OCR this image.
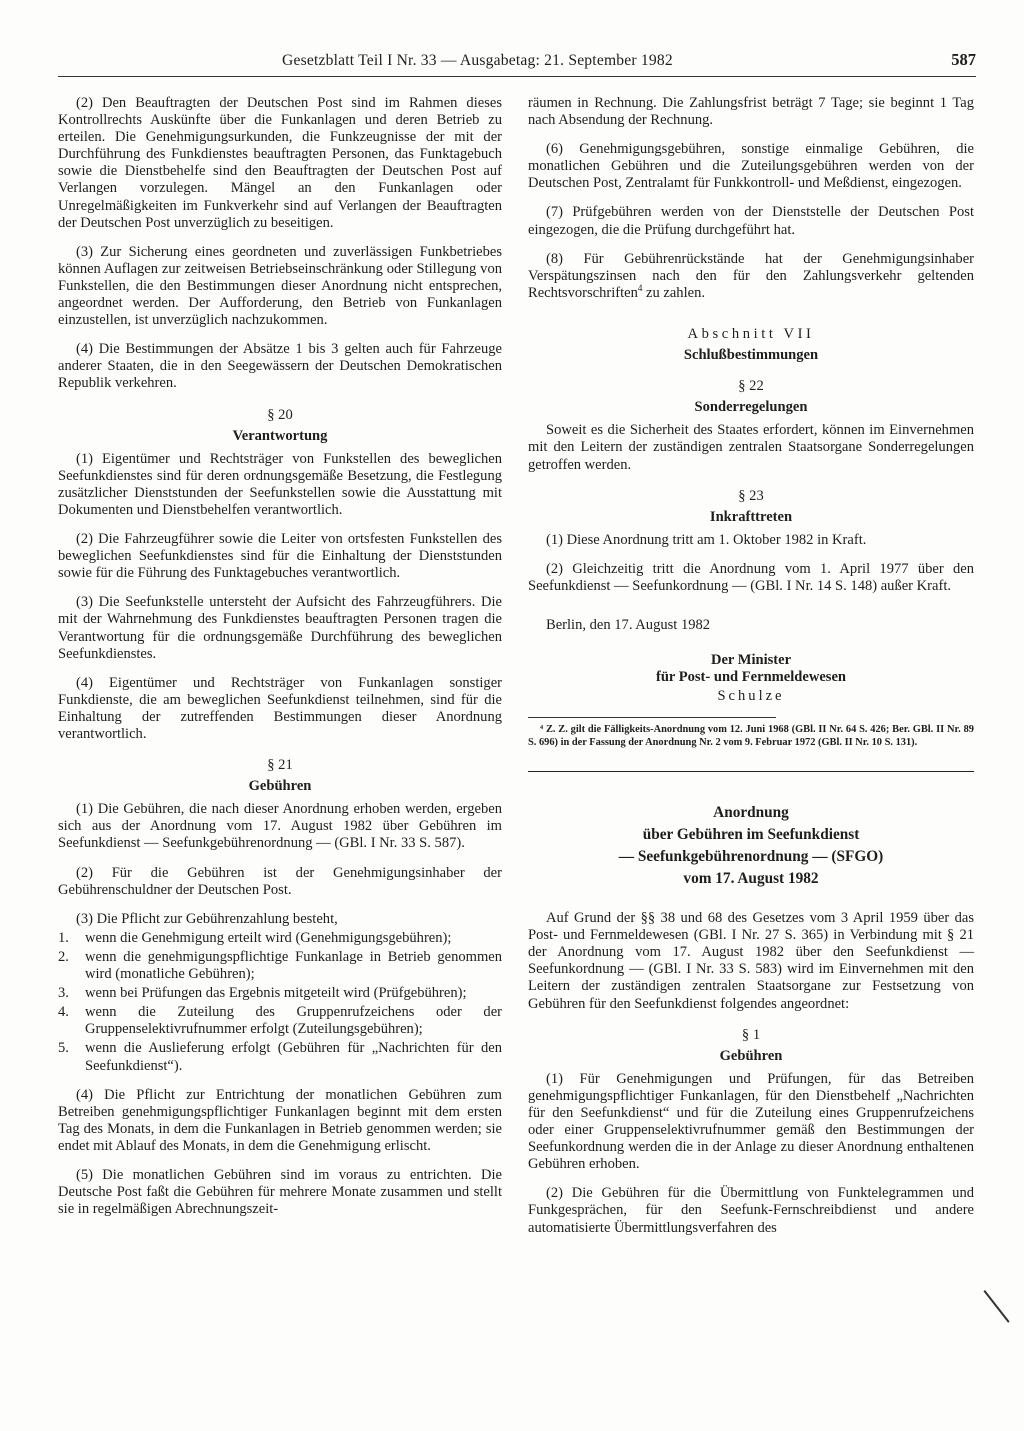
Gesetzblatt Teil I Nr. 33 — Ausgabetag: 21. September 1982	587

(2) Den Beauftragten der Deutschen Post sind im Rahmen dieses Kontrollrechts Auskünfte über die Funkanlagen und deren Betrieb zu erteilen. Die Genehmigungsurkunden, die Funkzeugnisse der mit der Durchführung des Funkdienstes beauftragten Personen, das Funktagebuch sowie die Dienstbehelfe sind den Beauftragten der Deutschen Post auf Verlangen vorzulegen. Mängel an den Funkanlagen oder Unregelmäßigkeiten im Funkverkehr sind auf Verlangen der Beauftragten der Deutschen Post unverzüglich zu beseitigen.

(3) Zur Sicherung eines geordneten und zuverlässigen Funkbetriebes können Auflagen zur zeitweisen Betriebseinschränkung oder Stillegung von Funkstellen, die den Bestimmungen dieser Anordnung nicht entsprechen, angeordnet werden. Der Aufforderung, den Betrieb von Funkanlagen einzustellen, ist unverzüglich nachzukommen.

(4) Die Bestimmungen der Absätze 1 bis 3 gelten auch für Fahrzeuge anderer Staaten, die in den Seegewässern der Deutschen Demokratischen Republik verkehren.

§ 20
Verantwortung

(1) Eigentümer und Rechtsträger von Funkstellen des beweglichen Seefunkdienstes sind für deren ordnungsgemäße Besetzung, die Festlegung zusätzlicher Dienststunden der Seefunkstellen sowie die Ausstattung mit Dokumenten und Dienstbehelfen verantwortlich.

(2) Die Fahrzeugführer sowie die Leiter von ortsfesten Funkstellen des beweglichen Seefunkdienstes sind für die Einhaltung der Dienststunden sowie für die Führung des Funktagebuches verantwortlich.

(3) Die Seefunkstelle untersteht der Aufsicht des Fahrzeugführers. Die mit der Wahrnehmung des Funkdienstes beauftragten Personen tragen die Verantwortung für die ordnungsgemäße Durchführung des beweglichen Seefunkdienstes.

(4) Eigentümer und Rechtsträger von Funkanlagen sonstiger Funkdienste, die am beweglichen Seefunkdienst teilnehmen, sind für die Einhaltung der zutreffenden Bestimmungen dieser Anordnung verantwortlich.

§ 21
Gebühren

(1) Die Gebühren, die nach dieser Anordnung erhoben werden, ergeben sich aus der Anordnung vom 17. August 1982 über Gebühren im Seefunkdienst — Seefunkgebührenordnung — (GBl. I Nr. 33 S. 587).

(2) Für die Gebühren ist der Genehmigungsinhaber der Gebührenschuldner der Deutschen Post.

(3) Die Pflicht zur Gebührenzahlung besteht,

1. wenn die Genehmigung erteilt wird (Genehmigungsgebühren);
2. wenn die genehmigungspflichtige Funkanlage in Betrieb genommen wird (monatliche Gebühren);
3. wenn bei Prüfungen das Ergebnis mitgeteilt wird (Prüfgebühren);
4. wenn die Zuteilung des Gruppenrufzeichens oder der Gruppenselektivrufnummer erfolgt (Zuteilungsgebühren);
5. wenn die Auslieferung erfolgt (Gebühren für „Nachrichten für den Seefunkdienst“).

(4) Die Pflicht zur Entrichtung der monatlichen Gebühren zum Betreiben genehmigungspflichtiger Funkanlagen beginnt mit dem ersten Tag des Monats, in dem die Funkanlagen in Betrieb genommen werden; sie endet mit Ablauf des Monats, in dem die Genehmigung erlischt.

(5) Die monatlichen Gebühren sind im voraus zu entrichten. Die Deutsche Post faßt die Gebühren für mehrere Monate zusammen und stellt sie in regelmäßigen Abrechnungszeit-

räumen in Rechnung. Die Zahlungsfrist beträgt 7 Tage; sie beginnt 1 Tag nach Absendung der Rechnung.

(6) Genehmigungsgebühren, sonstige einmalige Gebühren, die monatlichen Gebühren und die Zuteilungsgebühren werden von der Deutschen Post, Zentralamt für Funkkontroll- und Meßdienst, eingezogen.

(7) Prüfgebühren werden von der Dienststelle der Deutschen Post eingezogen, die die Prüfung durchgeführt hat.

(8) Für Gebührenrückstände hat der Genehmigungsinhaber Verspätungszinsen nach den für den Zahlungsverkehr geltenden Rechtsvorschriften$^4$ zu zahlen.

Abschnitt VII
Schlußbestimmungen
§ 22
Sonderregelungen

Soweit es die Sicherheit des Staates erfordert, können im Einvernehmen mit den Leitern der zuständigen zentralen Staatsorgane Sonderregelungen getroffen werden.

§ 23
Inkrafttreten

(1) Diese Anordnung tritt am 1. Oktober 1982 in Kraft.

(2) Gleichzeitig tritt die Anordnung vom 1. April 1977 über den Seefunkdienst — Seefunkordnung — (GBl. I Nr. 14 S. 148) außer Kraft.

Berlin, den 17. August 1982
Der Minister
für Post- und Fernmeldewesen
Schulze
⁴ Z. Z. gilt die Fälligkeits-Anordnung vom 12. Juni 1968 (GBl. II Nr. 64 S. 426; Ber. GBl. II Nr. 89 S. 696) in der Fassung der Anordnung Nr. 2 vom 9. Februar 1972 (GBl. II Nr. 10 S. 131).
Anordnung
über Gebühren im Seefunkdienst
— Seefunkgebührenordnung — (SFGO)
vom 17. August 1982

Auf Grund der §§ 38 und 68 des Gesetzes vom 3 April 1959 über das Post- und Fernmeldewesen (GBl. I Nr. 27 S. 365) in Verbindung mit § 21 der Anordnung vom 17. August 1982 über den Seefunkdienst — Seefunkordnung — (GBl. I Nr. 33 S. 583) wird im Einvernehmen mit den Leitern der zuständigen zentralen Staatsorgane zur Festsetzung von Gebühren für den Seefunkdienst folgendes angeordnet:

§ 1
Gebühren

(1) Für Genehmigungen und Prüfungen, für das Betreiben genehmigungspflichtiger Funkanlagen, für den Dienstbehelf „Nachrichten für den Seefunkdienst“ und für die Zuteilung eines Gruppenrufzeichens oder einer Gruppenselektivrufnummer gemäß den Bestimmungen der Seefunkordnung werden die in der Anlage zu dieser Anordnung enthaltenen Gebühren erhoben.

(2) Die Gebühren für die Übermittlung von Funktelegrammen und Funkgesprächen, für den Seefunk-Fernschreibdienst und andere automatisierte Übermittlungsverfahren des
